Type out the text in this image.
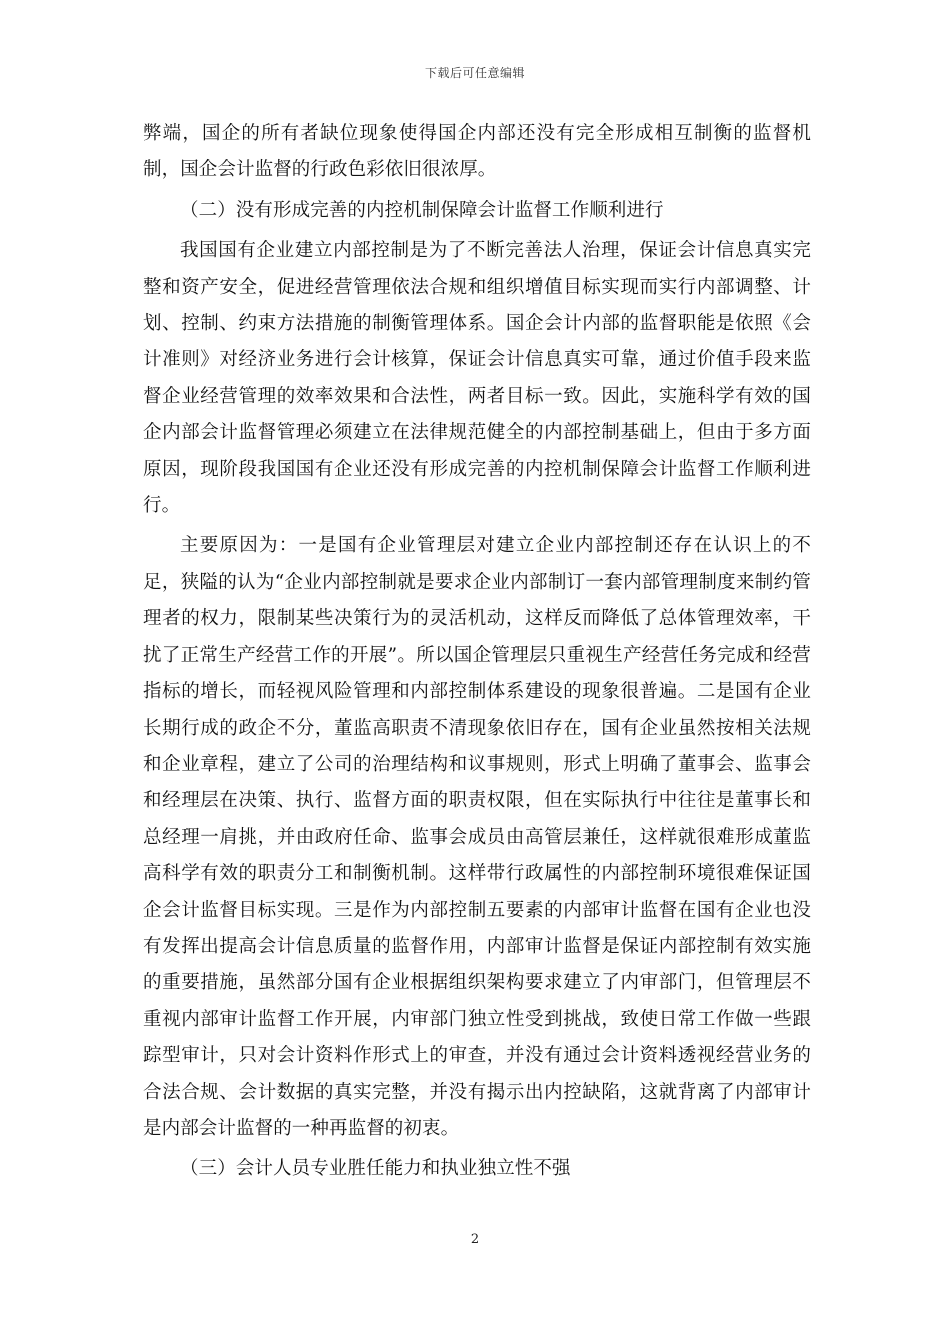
下载后可任意编辑

弊端，国企的所有者缺位现象使得国企内部还没有完全形成相互制衡的监督机制，国企会计监督的行政色彩依旧很浓厚。

（二）没有形成完善的内控机制保障会计监督工作顺利进行

我国国有企业建立内部控制是为了不断完善法人治理，保证会计信息真实完整和资产安全，促进经营管理依法合规和组织增值目标实现而实行内部调整、计划、控制、约束方法措施的制衡管理体系。国企会计内部的监督职能是依照《会计准则》对经济业务进行会计核算，保证会计信息真实可靠，通过价值手段来监督企业经营管理的效率效果和合法性，两者目标一致。因此，实施科学有效的国企内部会计监督管理必须建立在法律规范健全的内部控制基础上，但由于多方面原因，现阶段我国国有企业还没有形成完善的内控机制保障会计监督工作顺利进行。

主要原因为：一是国有企业管理层对建立企业内部控制还存在认识上的不足，狭隘的认为“企业内部控制就是要求企业内部制订一套内部管理制度来制约管理者的权力，限制某些决策行为的灵活机动，这样反而降低了总体管理效率，干扰了正常生产经营工作的开展”。所以国企管理层只重视生产经营任务完成和经营指标的增长，而轻视风险管理和内部控制体系建设的现象很普遍。二是国有企业长期行成的政企不分，董监高职责不清现象依旧存在，国有企业虽然按相关法规和企业章程，建立了公司的治理结构和议事规则，形式上明确了董事会、监事会和经理层在决策、执行、监督方面的职责权限，但在实际执行中往往是董事长和总经理一肩挑，并由政府任命、监事会成员由高管层兼任，这样就很难形成董监高科学有效的职责分工和制衡机制。这样带行政属性的内部控制环境很难保证国企会计监督目标实现。三是作为内部控制五要素的内部审计监督在国有企业也没有发挥出提高会计信息质量的监督作用，内部审计监督是保证内部控制有效实施的重要措施，虽然部分国有企业根据组织架构要求建立了内审部门，但管理层不重视内部审计监督工作开展，内审部门独立性受到挑战，致使日常工作做一些跟踪型审计，只对会计资料作形式上的审查，并没有通过会计资料透视经营业务的合法合规、会计数据的真实完整，并没有揭示出内控缺陷，这就背离了内部审计是内部会计监督的一种再监督的初衷。

（三）会计人员专业胜任能力和执业独立性不强

2
